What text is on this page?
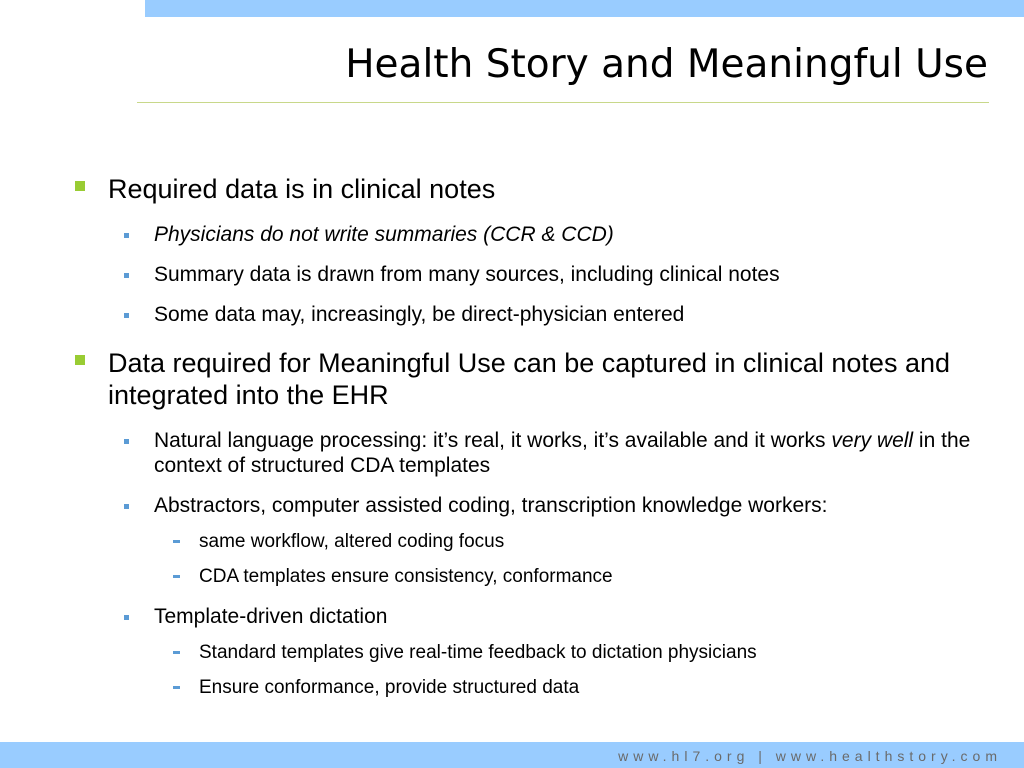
Health Story and Meaningful Use
Required data is in clinical notes
Physicians do not write summaries (CCR & CCD)
Summary data is drawn from many sources, including clinical notes
Some data may, increasingly, be direct-physician entered
Data required for Meaningful Use can be captured in clinical notes and integrated into the EHR
Natural language processing: it’s real, it works, it’s available and it works very well in the context of structured CDA templates
Abstractors, computer assisted coding, transcription knowledge workers:
same workflow, altered coding focus
CDA templates ensure consistency, conformance
Template-driven dictation
Standard templates give real-time feedback to dictation physicians
Ensure conformance, provide structured data
www.hl7.org | www.healthstory.com
